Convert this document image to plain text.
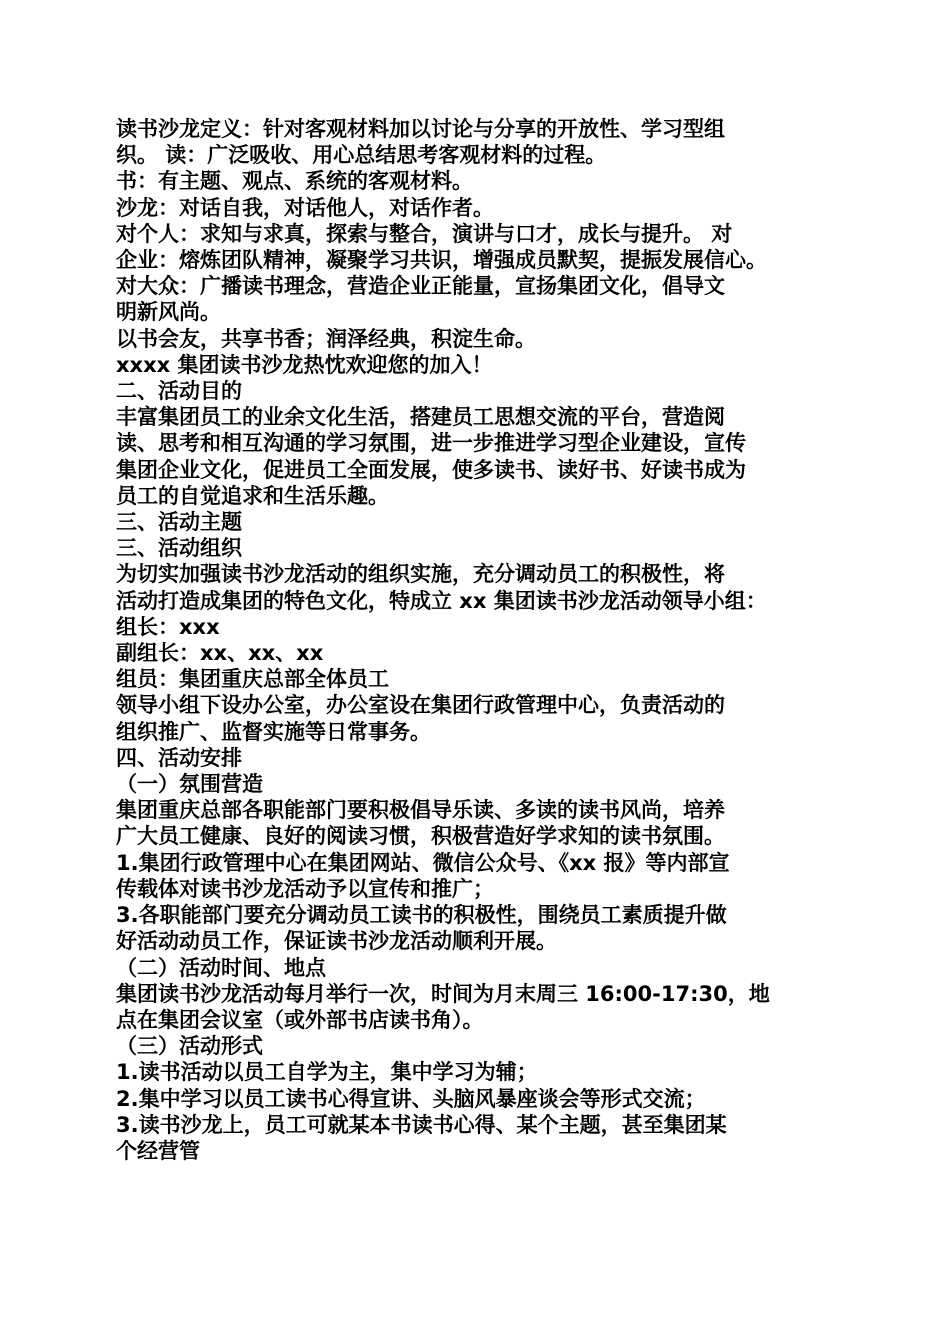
读书沙龙定义：针对客观材料加以讨论与分享的开放性、学习型组
织。 读：广泛吸收、用心总结思考客观材料的过程。
书：有主题、观点、系统的客观材料。
沙龙：对话自我，对话他人，对话作者。
对个人：求知与求真，探索与整合，演讲与口才，成长与提升。 对
企业：熔炼团队精神，凝聚学习共识，增强成员默契，提振发展信心。
对大众：广播读书理念，营造企业正能量，宣扬集团文化，倡导文
明新风尚。
以书会友，共享书香；润泽经典，积淀生命。
xxxx 集团读书沙龙热忱欢迎您的加入！
二、活动目的
丰富集团员工的业余文化生活，搭建员工思想交流的平台，营造阅
读、思考和相互沟通的学习氛围，进一步推进学习型企业建设，宣传
集团企业文化，促进员工全面发展，使多读书、读好书、好读书成为
员工的自觉追求和生活乐趣。
三、活动主题
三、活动组织
为切实加强读书沙龙活动的组织实施，充分调动员工的积极性，将
活动打造成集团的特色文化，特成立 xx 集团读书沙龙活动领导小组：
组长：xxx
副组长：xx、xx、xx
组员：集团重庆总部全体员工
领导小组下设办公室，办公室设在集团行政管理中心，负责活动的
组织推广、监督实施等日常事务。
四、活动安排
（一）氛围营造
集团重庆总部各职能部门要积极倡导乐读、多读的读书风尚，培养
广大员工健康、良好的阅读习惯，积极营造好学求知的读书氛围。
1.集团行政管理中心在集团网站、微信公众号、《xx 报》等内部宣
传载体对读书沙龙活动予以宣传和推广；
3.各职能部门要充分调动员工读书的积极性，围绕员工素质提升做
好活动动员工作，保证读书沙龙活动顺利开展。
（二）活动时间、地点
集团读书沙龙活动每月举行一次，时间为月末周三 16:00-17:30，地
点在集团会议室（或外部书店读书角）。
（三）活动形式
1.读书活动以员工自学为主，集中学习为辅；
2.集中学习以员工读书心得宣讲、头脑风暴座谈会等形式交流；
3.读书沙龙上，员工可就某本书读书心得、某个主题，甚至集团某
个经营管
